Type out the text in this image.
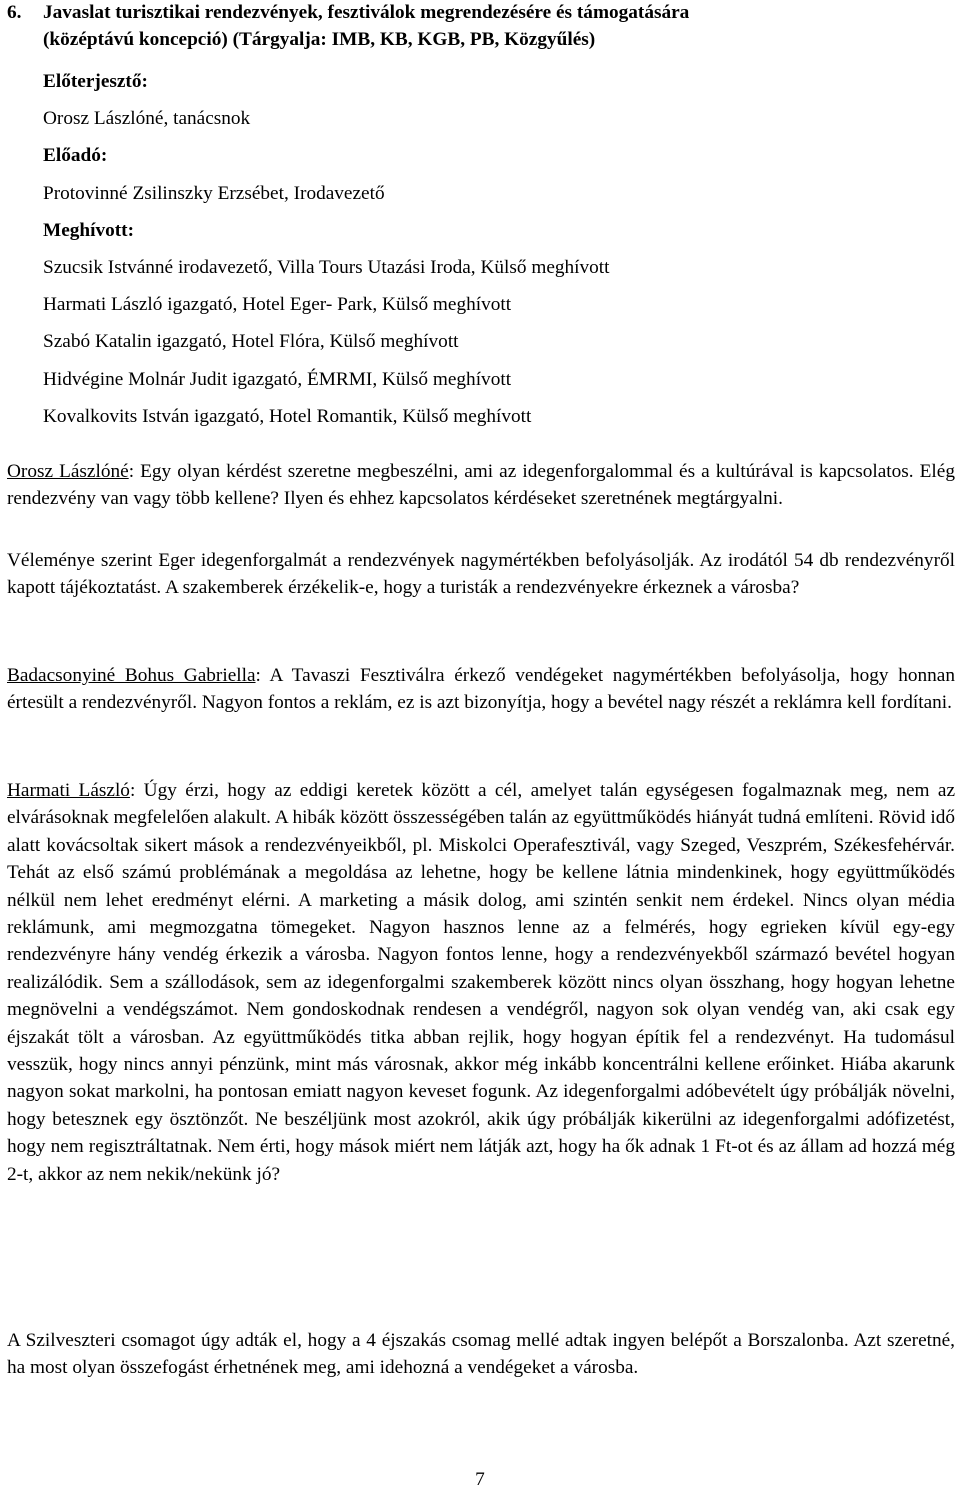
6. Javaslat turisztikai rendezvények, fesztiválok megrendezésére és támogatására
(középtávú koncepció) (Tárgyalja: IMB, KB, KGB, PB, Közgyűlés)
Előterjesztő:
Orosz Lászlóné, tanácsnok
Előadó:
Protovinné Zsilinszky Erzsébet, Irodavezető
Meghívott:
Szucsik Istvánné irodavezető, Villa Tours Utazási Iroda, Külső meghívott
Harmati László igazgató, Hotel Eger- Park, Külső meghívott
Szabó Katalin igazgató, Hotel Flóra, Külső meghívott
Hidvégine Molnár Judit igazgató, ÉMRMI, Külső meghívott
Kovalkovits István igazgató, Hotel Romantik, Külső meghívott
Orosz Lászlóné: Egy olyan kérdést szeretne megbeszélni, ami az idegenforgalommal és a kultúrával is kapcsolatos. Elég rendezvény van vagy több kellene? Ilyen és ehhez kapcsolatos kérdéseket szeretnének megtárgyalni.
Véleménye szerint Eger idegenforgalmát a rendezvények nagymértékben befolyásolják. Az irodától 54 db rendezvényről kapott tájékoztatást. A szakemberek érzékelik-e, hogy a turisták a rendezvényekre érkeznek a városba?
Badacsonyiné Bohus Gabriella: A Tavaszi Fesztiválra érkező vendégeket nagymértékben befolyásolja, hogy honnan értesült a rendezvényről. Nagyon fontos a reklám, ez is azt bizonyítja, hogy a bevétel nagy részét a reklámra kell fordítani.
Harmati László: Úgy érzi, hogy az eddigi keretek között a cél, amelyet talán egységesen fogalmaznak meg, nem az elvárásoknak megfelelően alakult. A hibák között összességében talán az együttműködés hiányát tudná említeni. Rövid idő alatt kovácsoltak sikert mások a rendezvényeikből, pl. Miskolci Operafesztivál, vagy Szeged, Veszprém, Székesfehérvár. Tehát az első számú problémának a megoldása az lehetne, hogy be kellene látnia mindenkinek, hogy együttműködés nélkül nem lehet eredményt elérni. A marketing a másik dolog, ami szintén senkit nem érdekel. Nincs olyan média reklámunk, ami megmozgatna tömegeket. Nagyon hasznos lenne az a felmérés, hogy egrieken kívül egy-egy rendezvényre hány vendég érkezik a városba. Nagyon fontos lenne, hogy a rendezvényekből származó bevétel hogyan realizálódik. Sem a szállodások, sem az idegenforgalmi szakemberek között nincs olyan összhang, hogy hogyan lehetne megnövelni a vendégszámot. Nem gondoskodnak rendesen a vendégről, nagyon sok olyan vendég van, aki csak egy éjszakát tölt a városban. Az együttműködés titka abban rejlik, hogy hogyan építik fel a rendezvényt. Ha tudomásul vesszük, hogy nincs annyi pénzünk, mint más városnak, akkor még inkább koncentrálni kellene erőinket. Hiába akarunk nagyon sokat markolni, ha pontosan emiatt nagyon keveset fogunk. Az idegenforgalmi adóbevételt úgy próbálják növelni, hogy betesznek egy ösztönzőt. Ne beszéljünk most azokról, akik úgy próbálják kikerülni az idegenforgalmi adófizetést, hogy nem regisztráltatnak. Nem érti, hogy mások miért nem látják azt, hogy ha ők adnak 1 Ft-ot és az állam ad hozzá még 2-t, akkor az nem nekik/nekünk jó?
A Szilveszteri csomagot úgy adták el, hogy a 4 éjszakás csomag mellé adtak ingyen belépőt a Borszalonba. Azt szeretné, ha most olyan összefogást érhetnének meg, ami idehozná a vendégeket a városba.
7
